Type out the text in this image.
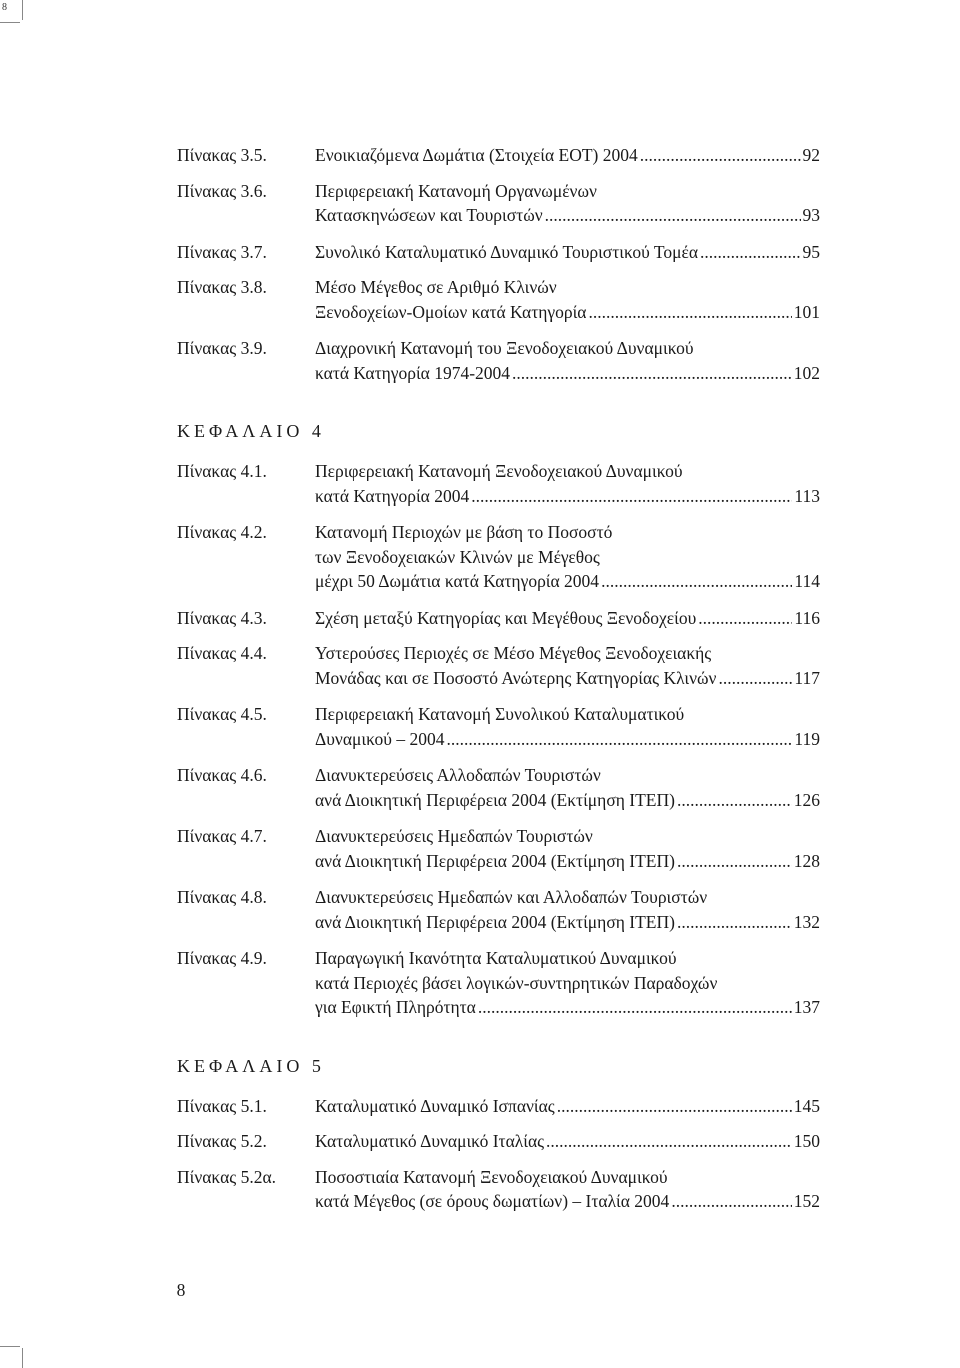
8
Πίνακας 3.5.	Ενοικιαζόμενα Δωμάτια (Στοιχεία ΕΟΤ) 2004 .....	92
Πίνακας 3.6.	Περιφερειακή Κατανομή Οργανωμένων
Κατασκηνώσεων και Τουριστών .....	93
Πίνακας 3.7.	Συνολικό Καταλυματικό Δυναμικό Τουριστικού Τομέα .....	95
Πίνακας 3.8.	Μέσο Μέγεθος σε Αριθμό Κλινών
Ξενοδοχείων-Ομοίων κατά Κατηγορία .....	101
Πίνακας 3.9.	Διαχρονική Κατανομή του Ξενοδοχειακού Δυναμικού
κατά Κατηγορία 1974-2004 .....	102
ΚΕΦΑΛΑΙΟ 4
Πίνακας 4.1.	Περιφερειακή Κατανομή Ξενοδοχειακού Δυναμικού
κατά Κατηγορία 2004 .....	113
Πίνακας 4.2.	Κατανομή Περιοχών με βάση το Ποσοστό
των Ξενοδοχειακών Κλινών με Μέγεθος
μέχρι 50 Δωμάτια κατά Κατηγορία 2004 .....	114
Πίνακας 4.3.	Σχέση μεταξύ Κατηγορίας και Μεγέθους Ξενοδοχείου .....	116
Πίνακας 4.4.	Υστερούσες Περιοχές σε Μέσο Μέγεθος Ξενοδοχειακής
Μονάδας και σε Ποσοστό Ανώτερης Κατηγορίας Κλινών .....	117
Πίνακας 4.5.	Περιφερειακή Κατανομή Συνολικού Καταλυματικού
Δυναμικού – 2004 .....	119
Πίνακας 4.6.	Διανυκτερεύσεις Αλλοδαπών Τουριστών
ανά Διοικητική Περιφέρεια 2004 (Εκτίμηση ΙΤΕΠ) .....	126
Πίνακας 4.7.	Διανυκτερεύσεις Ημεδαπών Τουριστών
ανά Διοικητική Περιφέρεια 2004 (Εκτίμηση ΙΤΕΠ) .....	128
Πίνακας 4.8.	Διανυκτερεύσεις Ημεδαπών και Αλλοδαπών Τουριστών
ανά Διοικητική Περιφέρεια 2004 (Εκτίμηση ΙΤΕΠ) .....	132
Πίνακας 4.9.	Παραγωγική Ικανότητα Καταλυματικού Δυναμικού
κατά Περιοχές βάσει λογικών-συντηρητικών Παραδοχών
για Εφικτή Πληρότητα .....	137
ΚΕΦΑΛΑΙΟ 5
Πίνακας 5.1.	Καταλυματικό Δυναμικό Ισπανίας .....	145
Πίνακας 5.2.	Καταλυματικό Δυναμικό Ιταλίας .....	150
Πίνακας 5.2α. Ποσοστιαία Κατανομή Ξενοδοχειακού Δυναμικού
κατά Μέγεθος (σε όρους δωματίων) – Ιταλία 2004 .....	152
8
